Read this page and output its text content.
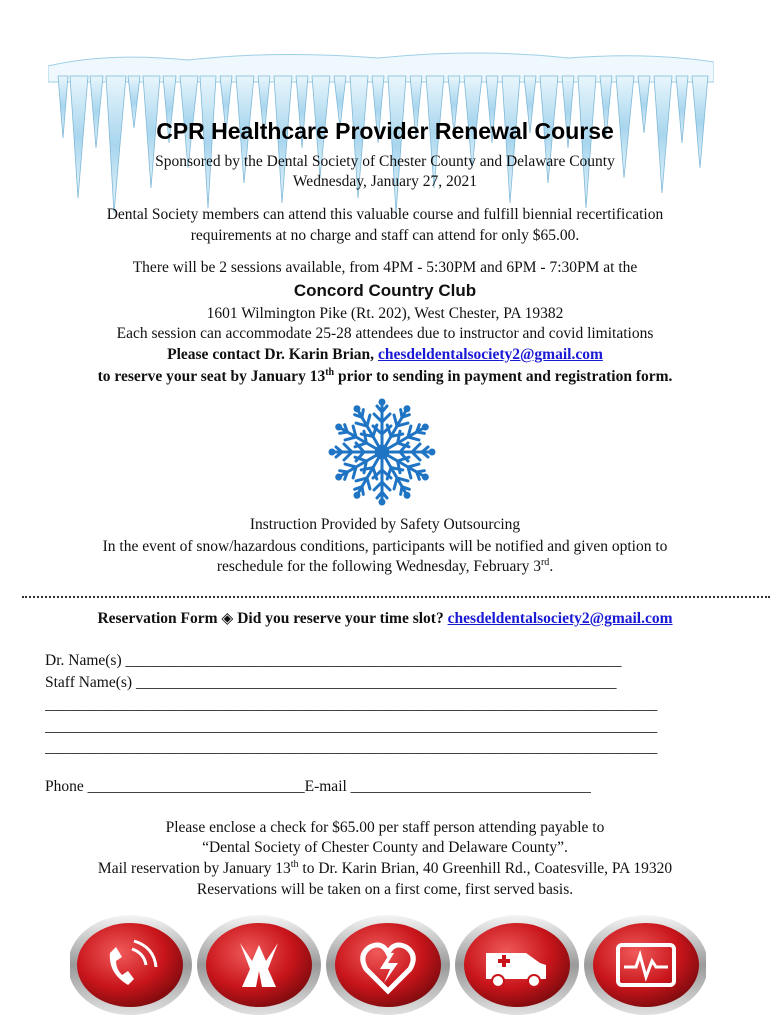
CPR Healthcare Provider Renewal Course
Sponsored by the Dental Society of Chester County and Delaware County
Wednesday, January 27, 2021
Dental Society members can attend this valuable course and fulfill biennial recertification
requirements at no charge and staff can attend for only $65.00.
There will be 2 sessions available, from 4PM - 5:30PM and 6PM - 7:30PM at the
Concord Country Club
1601 Wilmington Pike (Rt. 202), West Chester, PA 19382
Each session can accommodate 25-28 attendees due to instructor and covid limitations
Please contact Dr. Karin Brian, chesdeldentalsociety2@gmail.com
to reserve your seat by January 13th prior to sending in payment and registration form.
Instruction Provided by Safety Outsourcing
In the event of snow/hazardous conditions, participants will be notified and given option to
reschedule for the following Wednesday, February 3rd.
Reservation Form ◈ Did you reserve your time slot? chesdeldentalsociety2@gmail.com
Dr. Name(s) ________________________________________________________________
Staff Name(s) ______________________________________________________________
_______________________________________________________________________________
_______________________________________________________________________________
_______________________________________________________________________________
Phone ____________________________E-mail _______________________________
Please enclose a check for $65.00 per staff person attending payable to
“Dental Society of Chester County and Delaware County”.
Mail reservation by January 13th to Dr. Karin Brian, 40 Greenhill Rd., Coatesville, PA 19320
Reservations will be taken on a first come, first served basis.
